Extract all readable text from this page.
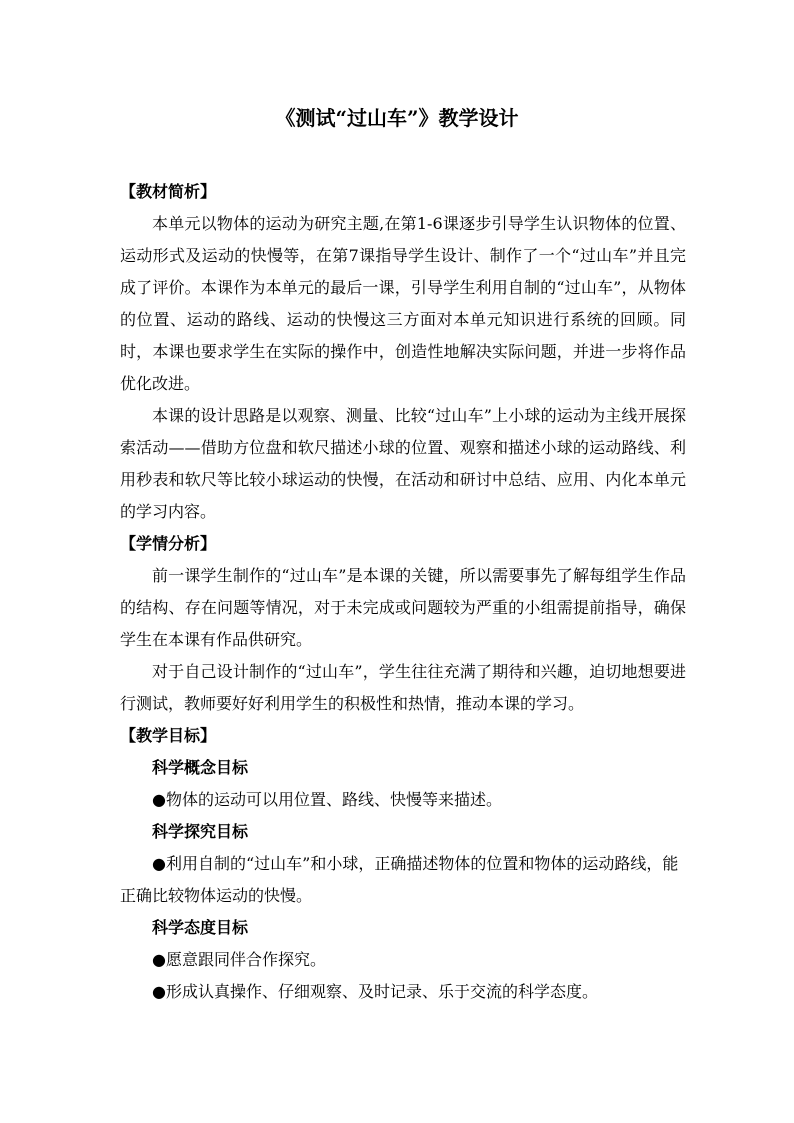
《测试“过山车”》教学设计

【教材简析】

本单元以物体的运动为研究主题,在第1-6课逐步引导学生认识物体的位置、运动形式及运动的快慢等，在第7课指导学生设计、制作了一个“过山车”并且完成了评价。本课作为本单元的最后一课，引导学生利用自制的“过山车”，从物体的位置、运动的路线、运动的快慢这三方面对本单元知识进行系统的回顾。同时，本课也要求学生在实际的操作中，创造性地解决实际问题，并进一步将作品优化改进。

本课的设计思路是以观察、测量、比较“过山车”上小球的运动为主线开展探索活动——借助方位盘和软尺描述小球的位置、观察和描述小球的运动路线、利用秒表和软尺等比较小球运动的快慢，在活动和研讨中总结、应用、内化本单元的学习内容。

【学情分析】

前一课学生制作的“过山车”是本课的关键，所以需要事先了解每组学生作品的结构、存在问题等情况，对于未完成或问题较为严重的小组需提前指导，确保学生在本课有作品供研究。

对于自己设计制作的“过山车”，学生往往充满了期待和兴趣，迫切地想要进行测试，教师要好好利用学生的积极性和热情，推动本课的学习。

【教学目标】

科学概念目标

●物体的运动可以用位置、路线、快慢等来描述。

科学探究目标

●利用自制的“过山车”和小球，正确描述物体的位置和物体的运动路线，能正确比较物体运动的快慢。

科学态度目标

●愿意跟同伴合作探究。

●形成认真操作、仔细观察、及时记录、乐于交流的科学态度。
